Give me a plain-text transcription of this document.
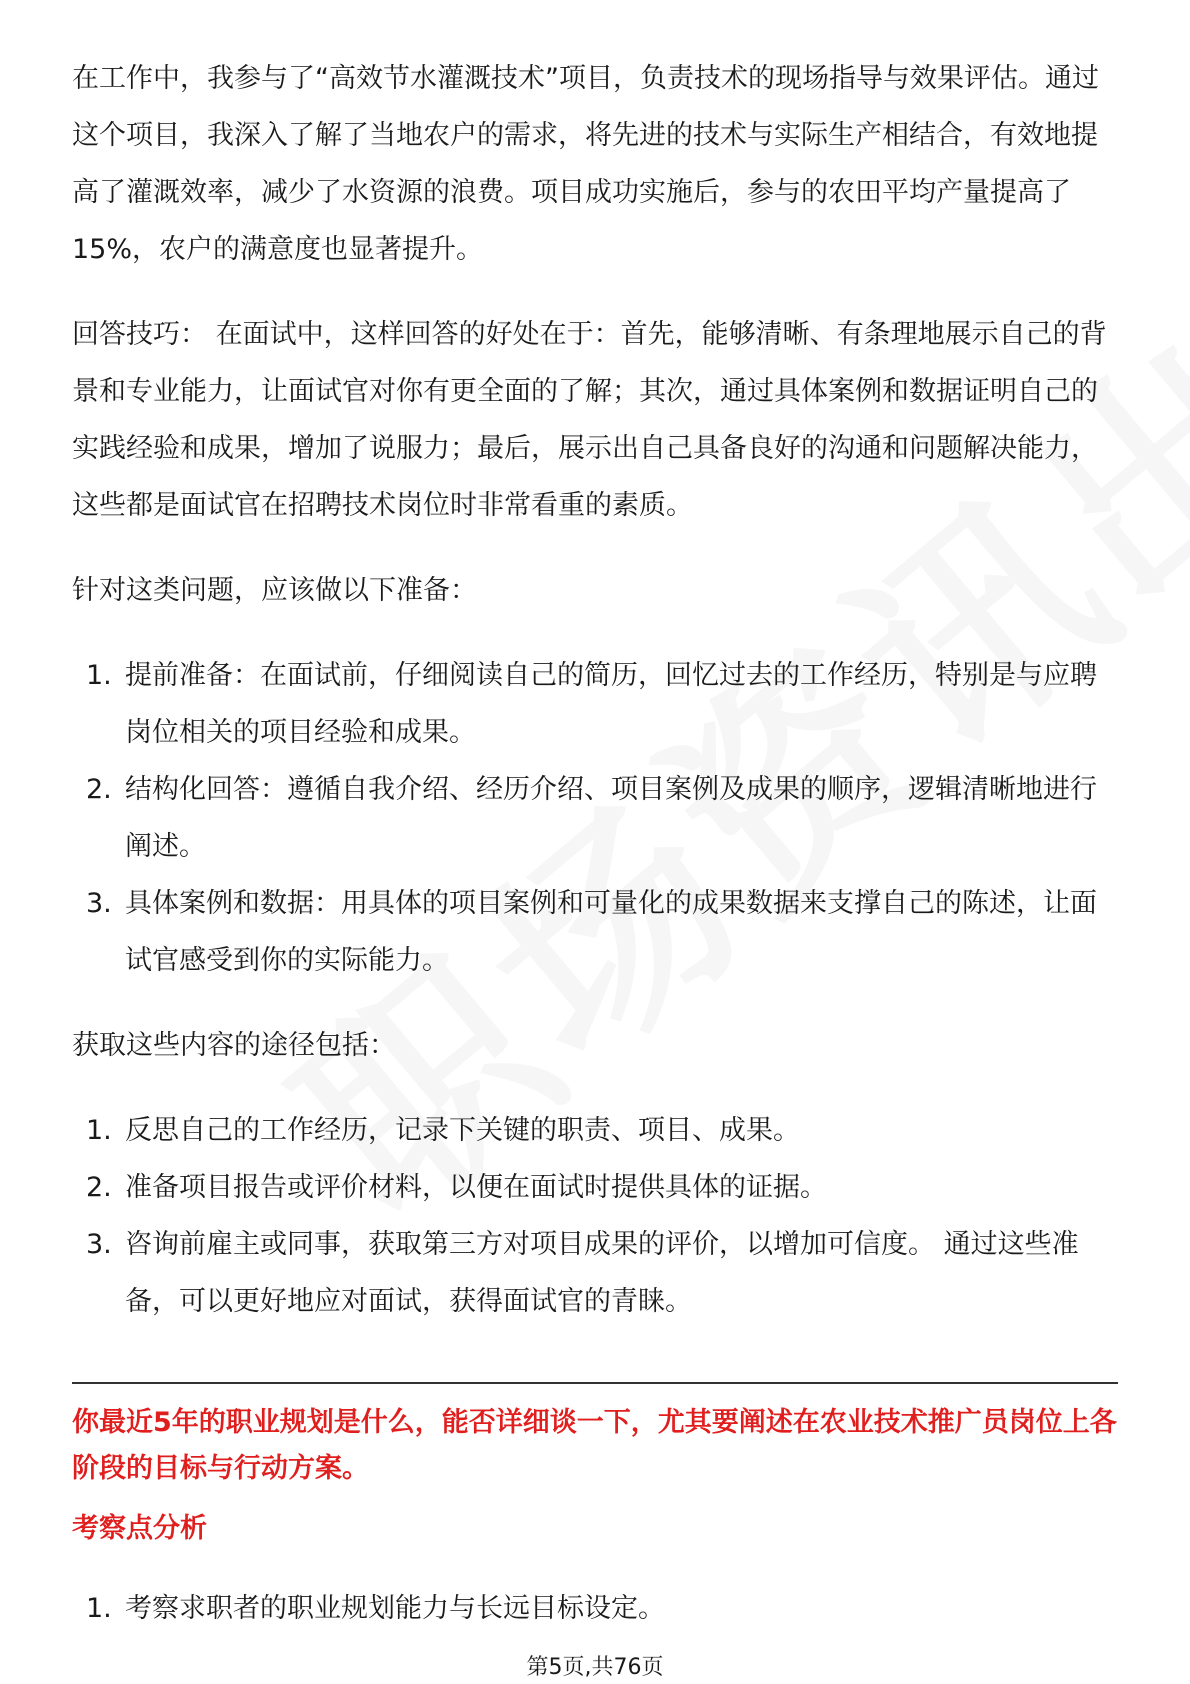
在工作中，我参与了“高效节水灌溉技术”项目，负责技术的现场指导与效果评估。通过这个项目，我深入了解了当地农户的需求，将先进的技术与实际生产相结合，有效地提高了灌溉效率，减少了水资源的浪费。项目成功实施后，参与的农田平均产量提高了15%，农户的满意度也显著提升。

回答技巧： 在面试中，这样回答的好处在于：首先，能够清晰、有条理地展示自己的背景和专业能力，让面试官对你有更全面的了解；其次，通过具体案例和数据证明自己的实践经验和成果，增加了说服力；最后，展示出自己具备良好的沟通和问题解决能力，这些都是面试官在招聘技术岗位时非常看重的素质。

针对这类问题，应该做以下准备：

1. 提前准备：在面试前，仔细阅读自己的简历，回忆过去的工作经历，特别是与应聘岗位相关的项目经验和成果。
2. 结构化回答：遵循自我介绍、经历介绍、项目案例及成果的顺序，逻辑清晰地进行阐述。
3. 具体案例和数据：用具体的项目案例和可量化的成果数据来支撑自己的陈述，让面试官感受到你的实际能力。

获取这些内容的途径包括：

1. 反思自己的工作经历，记录下关键的职责、项目、成果。
2. 准备项目报告或评价材料，以便在面试时提供具体的证据。
3. 咨询前雇主或同事，获取第三方对项目成果的评价，以增加可信度。 通过这些准备，可以更好地应对面试，获得面试官的青睐。

你最近5年的职业规划是什么，能否详细谈一下，尤其要阐述在农业技术推广员岗位上各阶段的目标与行动方案。

考察点分析

1. 考察求职者的职业规划能力与长远目标设定。
第5页,共76页
